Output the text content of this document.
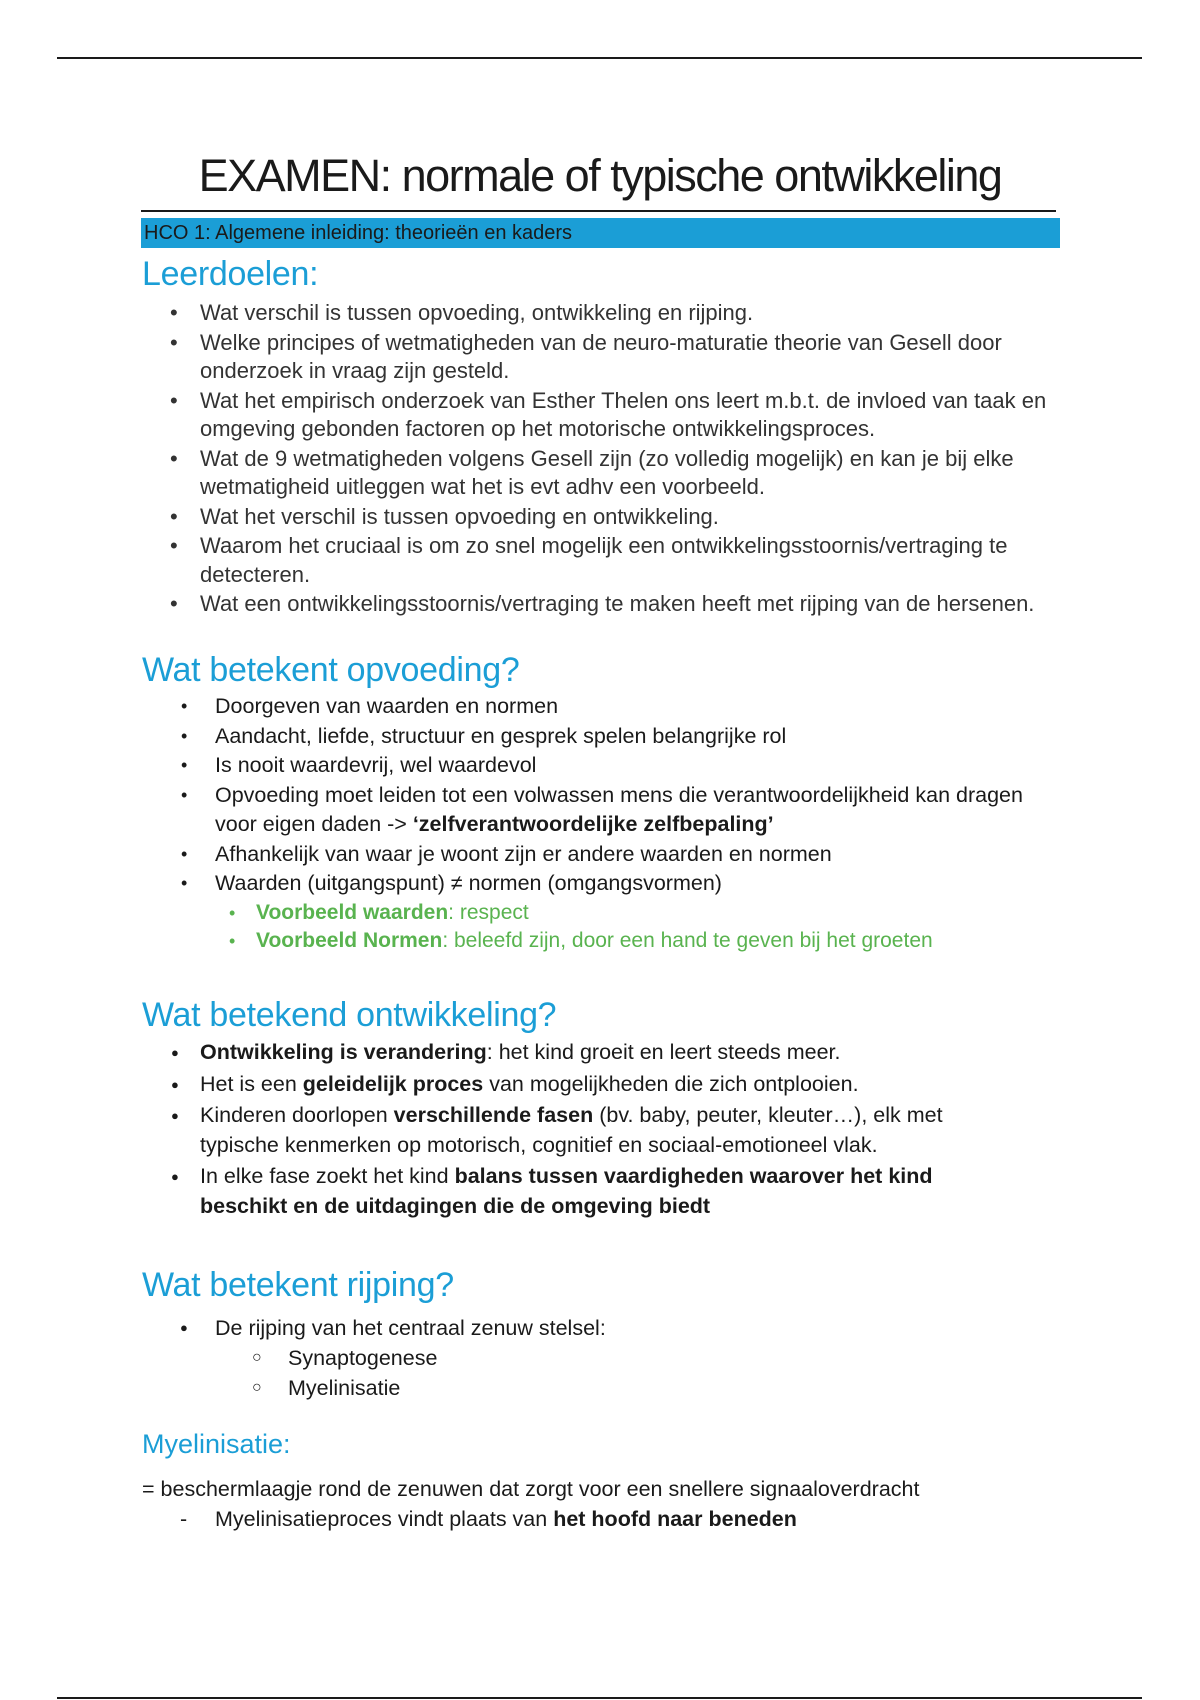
EXAMEN: normale of typische ontwikkeling
HCO 1: Algemene inleiding: theorieën en kaders
Leerdoelen:
• Wat verschil is tussen opvoeding, ontwikkeling en rijping.
• Welke principes of wetmatigheden van de neuro-maturatie theorie van Gesell door onderzoek in vraag zijn gesteld.
• Wat het empirisch onderzoek van Esther Thelen ons leert m.b.t. de invloed van taak en omgeving gebonden factoren op het motorische ontwikkelingsproces.
• Wat de 9 wetmatigheden volgens Gesell zijn (zo volledig mogelijk) en kan je bij elke wetmatigheid uitleggen wat het is evt adhv een voorbeeld.
• Wat het verschil is tussen opvoeding en ontwikkeling.
• Waarom het cruciaal is om zo snel mogelijk een ontwikkelingsstoornis/vertraging te detecteren.
• Wat een ontwikkelingsstoornis/vertraging te maken heeft met rijping van de hersenen.
Wat betekent opvoeding?
• Doorgeven van waarden en normen
• Aandacht, liefde, structuur en gesprek spelen belangrijke rol
• Is nooit waardevrij, wel waardevol
• Opvoeding moet leiden tot een volwassen mens die verantwoordelijkheid kan dragen voor eigen daden -> ‘zelfverantwoordelijke zelfbepaling’
• Afhankelijk van waar je woont zijn er andere waarden en normen
• Waarden (uitgangspunt) ≠ normen (omgangsvormen)
• Voorbeeld waarden: respect
• Voorbeeld Normen: beleefd zijn, door een hand te geven bij het groeten
Wat betekend ontwikkeling?
● Ontwikkeling is verandering: het kind groeit en leert steeds meer.
● Het is een geleidelijk proces van mogelijkheden die zich ontplooien.
● Kinderen doorlopen verschillende fasen (bv. baby, peuter, kleuter…), elk met typische kenmerken op motorisch, cognitief en sociaal-emotioneel vlak.
● In elke fase zoekt het kind balans tussen vaardigheden waarover het kind beschikt en de uitdagingen die de omgeving biedt
Wat betekent rijping?
● De rijping van het centraal zenuw stelsel:
○ Synaptogenese
○ Myelinisatie
Myelinisatie:

= beschermlaagje rond de zenuwen dat zorgt voor een snellere signaaloverdracht

- Myelinisatieproces vindt plaats van het hoofd naar beneden
